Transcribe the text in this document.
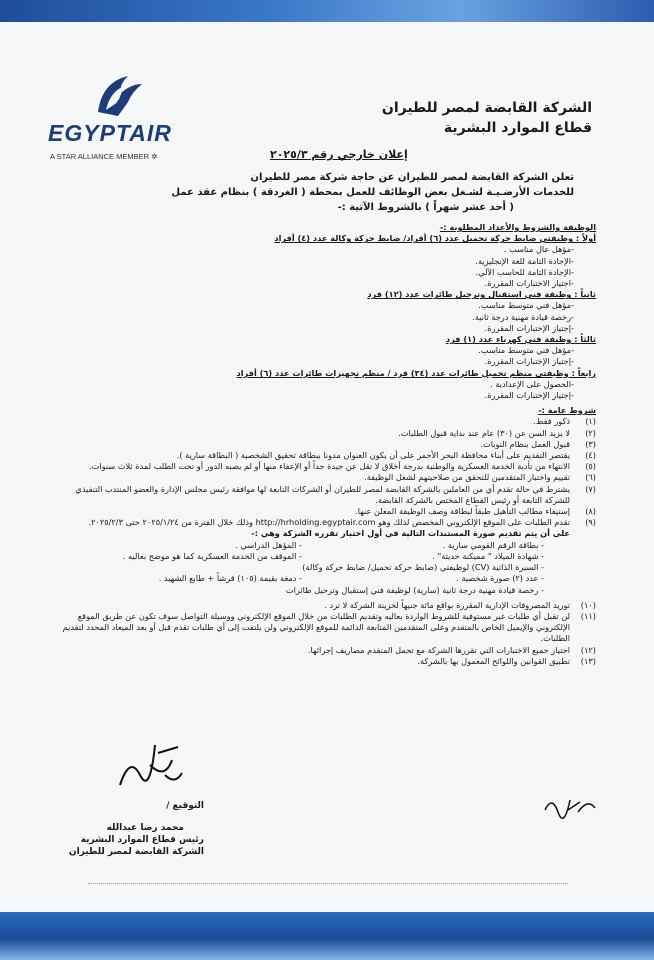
EGYPTAIR
A STAR ALLIANCE MEMBER ✲
الشركة القابضة لمصر للطيران
قطاع الموارد البشرية
إعلان خارجي رقم ٢٠٢٥/٣
تعلن الشركة القابضة لمصر للطيران عن حاجة شركة مصر للطيران
للخدمات الأرضـيـة لشـغل بعض الوظائف للعمل بمحطة ( الغردقة ) بنظام عقد عمل
( أحد عشر شهراً ) بالشروط الآتية :-
الوظيفة والشروط والأعداد المطلوبة :-
أولاً : وظيفتي ضابط حركة تحميل عدد (٦) أفراد/ ضابط حركة وكالة عدد (٤) أفراد
- مؤهل عال مناسب .
- الإجادة التامة للغة الإنجليزية.
- الإجادة التامة للحاسب الآلي.
- اجتياز الاختبارات المقررة.
ثانياً : وظيفة فني استقبال وترحيل طائرات عدد (١٢) فرد
- مؤهل فني متوسط مناسب.
- رخصة قيادة مهنية درجة ثانية.
- إجتياز الإختبارات المقررة.
ثالثاً : وظيفة فني كهرباء عدد (١) فرد
- مؤهل فني متوسط مناسب.
- إجتياز الإختبارات المقررة.
رابعاً : وظيفتي منظم تحميل طائرات عدد (٣٤) فرد / منظم تجهيزات طائرات عدد (٦) أفراد
- الحصول على الإعدادية .
- إجتياز الإختبارات المقررة.
شروط عامة :-
(١)
ذكور فقط.
(٢)
لا يزيد السن عن (٣٠) عام عند بداية قبول الطلبات.
(٣)
قبول العمل بنظام النوبات.
(٤)
يقتصر التقديم على أبناء محافظة البحر الأحمر على أن يكون العنوان مدونا ببطاقة تحقيق الشخصية ( البطاقة سارية ).
(٥)
الانتهاء من تأدية الخدمة العسكرية والوطنية بدرجة أخلاق لا تقل عن جيدة جداً أو الإعفاء منها أو لم يصبه الدور أو تحت الطلب لمدة ثلاث سنوات.
(٦)
تقييم واختبار المتقدمين للتحقق من صلاحيتهم لشغل الوظيفة.
(٧)
يشترط في حالة تقدم أي من العاملين بالشركة القابضة لمصر للطيران أو الشركات التابعة لها موافقة رئيس مجلس الإدارة والعضو المنتدب التنفيذي للشركة التابعة أو رئيس القطاع المختص بالشركة القابضة.
(٨)
إستيفاء مطالب التأهيل طبقاً لبطاقة وصف الوظيفة المعلن عنها.
(٩)
تقدم الطلبات على الموقع الإلكتروني المخصص لذلك وهو http://hrholding.egyptair.com وذلك خلال الفترة من ٢٠٢٥/١/٢٤ حتى ٢٠٢٥/٢/٣.
على أن يتم تقديم صورة المستندات التالية في أول اختبار تقرره الشركة وهي :-
- بطاقة الرقم القومي سارية .
- المؤهل الدراسي .
- شهادة الميلاد " مميكنة حديثة" .
- الموقف من الخدمة العسكرية كما هو موضح بعاليه .
- السيرة الذاتية (CV) لوظيفتي (ضابط حركة تحميل/ ضابط حركة وكالة)
- عدد (٢) صورة شخصية .
- دمغة بقيمة (١٠٥) قرشاً + طابع الشهيد .
- رخصة قيادة مهنية درجة ثانية (سارية) لوظيفة فني إستقبال وترحيل طائرات
(١٠)
توريد المصروفات الإدارية المقررة بواقع مائة جنيهاً لخزينة الشركة لا ترد .
(١١)
لن تقبل أي طلبات غير مستوفية للشروط الواردة بعاليه وتقديم الطلبات من خلال الموقع الإلكتروني ووسيلة التواصل سوف تكون عن طريق الموقع الإلكتروني والإيميل الخاص بالمتقدم وعلى المتقدمين المتابعة الدائمة للموقع الإلكتروني ولن يلتفت إلى أي طلبات تقدم قبل أو بعد الميعاد المحدد لتقديم الطلبات.
(١٢)
اجتياز جميع الاختبارات التي تقررها الشركة مع تحمل المتقدم مصاريف إجرائها.
(١٣)
تطبيق القوانين واللوائح المعمول بها بالشركة.
التوقيع /
محمد رضا عبدالله
رئيس قطاع الموارد البشرية
الشركة القابضة لمصر للطيران
